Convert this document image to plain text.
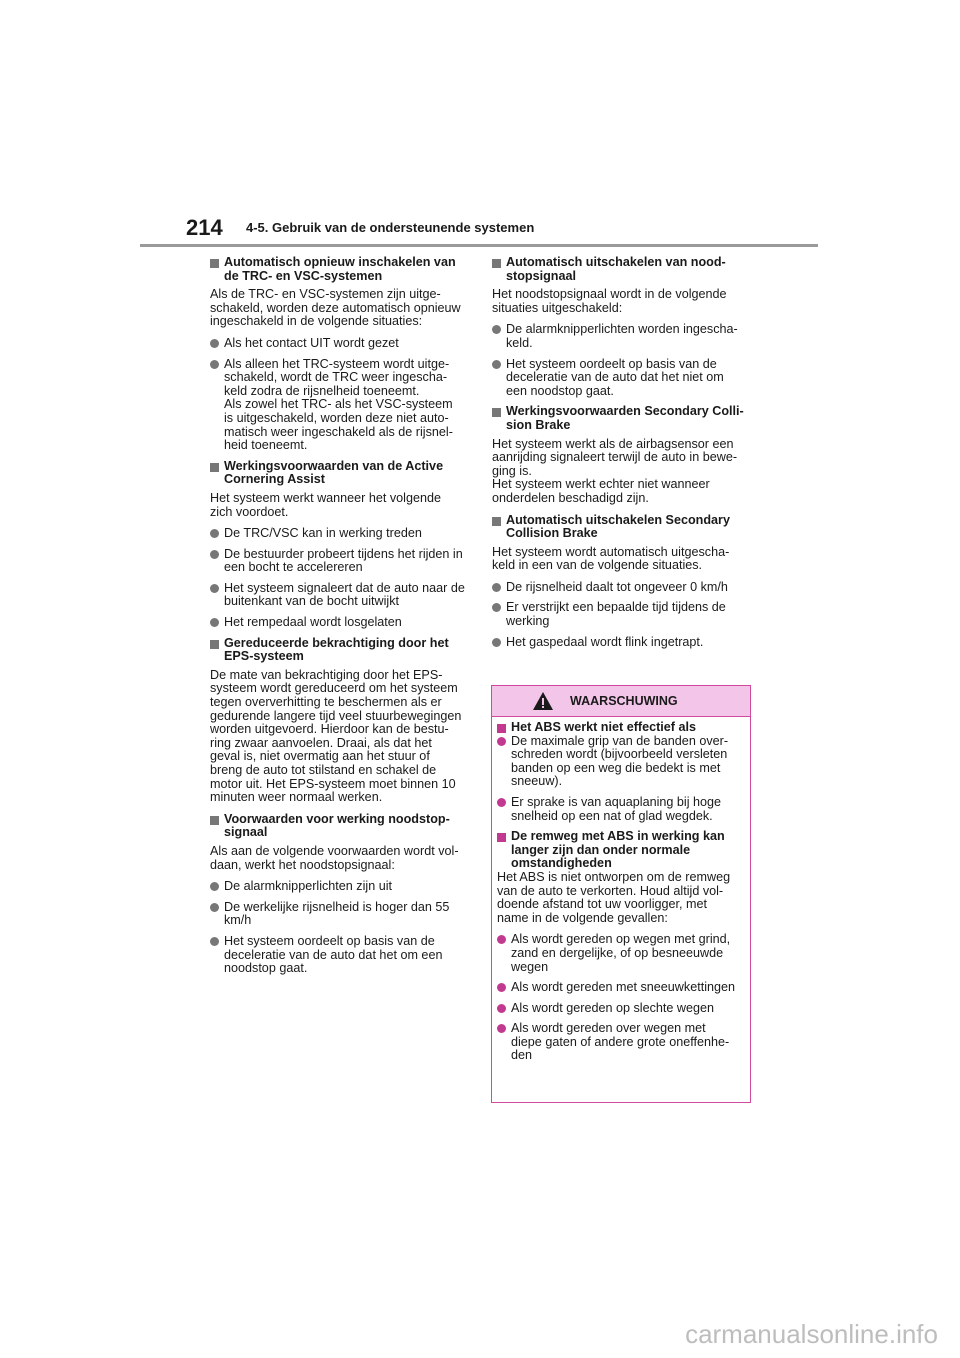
214 4-5. Gebruik van de ondersteunende systemen
Automatisch opnieuw inschakelen van de TRC- en VSC-systemen
Als de TRC- en VSC-systemen zijn uitge-
schakeld, worden deze automatisch opnieuw
ingeschakeld in de volgende situaties:
Als het contact UIT wordt gezet
Als alleen het TRC-systeem wordt uitge-
schakeld, wordt de TRC weer ingescha-
keld zodra de rijsnelheid toeneemt.
Als zowel het TRC- als het VSC-systeem
is uitgeschakeld, worden deze niet auto-
matisch weer ingeschakeld als de rijsnel-
heid toeneemt.
Werkingsvoorwaarden van de Active Cornering Assist
Het systeem werkt wanneer het volgende
zich voordoet.
De TRC/VSC kan in werking treden
De bestuurder probeert tijdens het rijden in
een bocht te accelereren
Het systeem signaleert dat de auto naar de
buitenkant van de bocht uitwijkt
Het rempedaal wordt losgelaten
Gereduceerde bekrachtiging door het EPS-systeem
De mate van bekrachtiging door het EPS-
systeem wordt gereduceerd om het systeem
tegen oververhitting te beschermen als er
gedurende langere tijd veel stuurbewegingen
worden uitgevoerd. Hierdoor kan de bestu-
ring zwaar aanvoelen. Draai, als dat het
geval is, niet overmatig aan het stuur of
breng de auto tot stilstand en schakel de
motor uit. Het EPS-systeem moet binnen 10
minuten weer normaal werken.
Voorwaarden voor werking noodstop-signaal
Als aan de volgende voorwaarden wordt vol-
daan, werkt het noodstopsignaal:
De alarmknipperlichten zijn uit
De werkelijke rijsnelheid is hoger dan 55
km/h
Het systeem oordeelt op basis van de
deceleratie van de auto dat het om een
noodstop gaat.
Automatisch uitschakelen van nood-stopsignaal
Het noodstopsignaal wordt in de volgende
situaties uitgeschakeld:
De alarmknipperlichten worden ingescha-
keld.
Het systeem oordeelt op basis van de
deceleratie van de auto dat het niet om
een noodstop gaat.
Werkingsvoorwaarden Secondary Colli-sion Brake
Het systeem werkt als de airbagsensor een
aanrijding signaleert terwijl de auto in bewe-
ging is.
Het systeem werkt echter niet wanneer
onderdelen beschadigd zijn.
Automatisch uitschakelen Secondary Collision Brake
Het systeem wordt automatisch uitgescha-
keld in een van de volgende situaties.
De rijsnelheid daalt tot ongeveer 0 km/h
Er verstrijkt een bepaalde tijd tijdens de
werking
Het gaspedaal wordt flink ingetrapt.
WAARSCHUWING
Het ABS werkt niet effectief als
De maximale grip van de banden over-
schreden wordt (bijvoorbeeld versleten
banden op een weg die bedekt is met
sneeuw).
Er sprake is van aquaplaning bij hoge
snelheid op een nat of glad wegdek.
De remweg met ABS in werking kan
langer zijn dan onder normale
omstandigheden
Het ABS is niet ontworpen om de remweg
van de auto te verkorten. Houd altijd vol-
doende afstand tot uw voorligger, met
name in de volgende gevallen:
Als wordt gereden op wegen met grind,
zand en dergelijke, of op besneeuwde
wegen
Als wordt gereden met sneeuwkettingen
Als wordt gereden op slechte wegen
Als wordt gereden over wegen met
diepe gaten of andere grote oneffenhe-
den
carmanualsonline.info
